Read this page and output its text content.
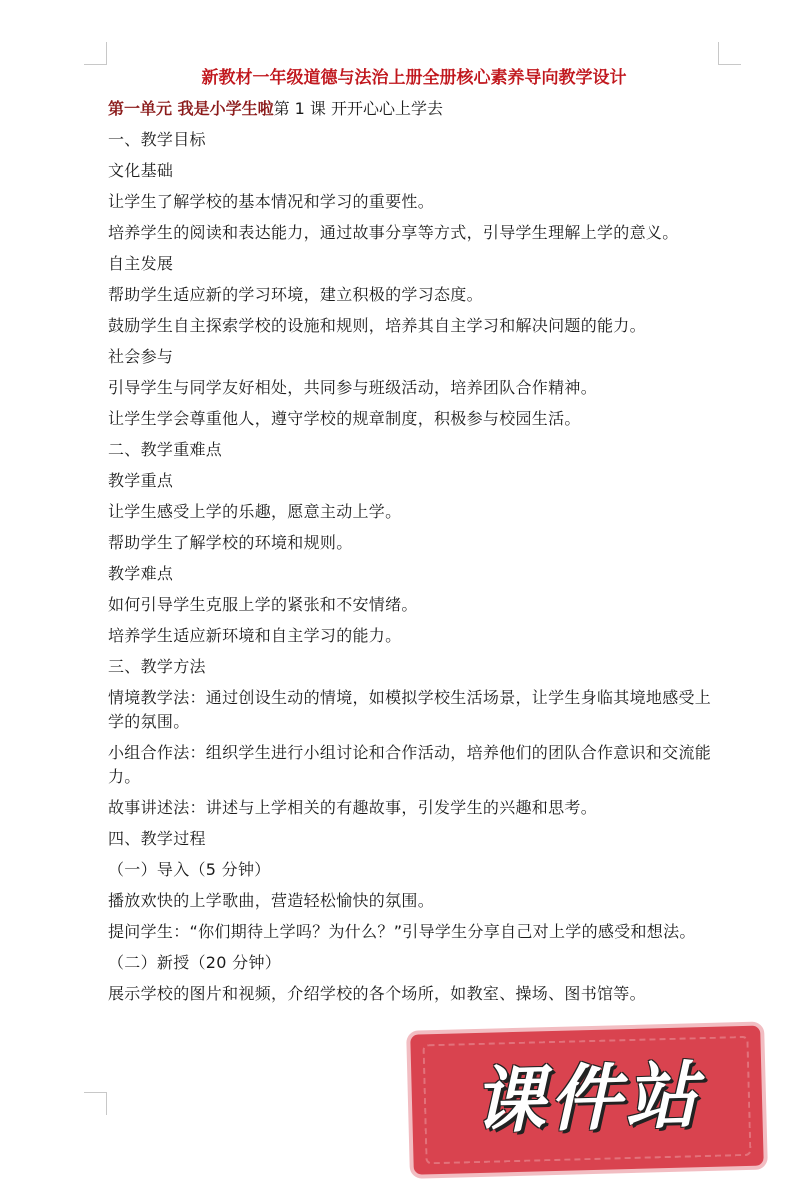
新教材一年级道德与法治上册全册核心素养导向教学设计
第一单元 我是小学生啦第 1 课 开开心心上学去
一、教学目标
文化基础
让学生了解学校的基本情况和学习的重要性。
培养学生的阅读和表达能力，通过故事分享等方式，引导学生理解上学的意义。
自主发展
帮助学生适应新的学习环境，建立积极的学习态度。
鼓励学生自主探索学校的设施和规则，培养其自主学习和解决问题的能力。
社会参与
引导学生与同学友好相处，共同参与班级活动，培养团队合作精神。
让学生学会尊重他人，遵守学校的规章制度，积极参与校园生活。
二、教学重难点
教学重点
让学生感受上学的乐趣，愿意主动上学。
帮助学生了解学校的环境和规则。
教学难点
如何引导学生克服上学的紧张和不安情绪。
培养学生适应新环境和自主学习的能力。
三、教学方法
情境教学法：通过创设生动的情境，如模拟学校生活场景，让学生身临其境地感受上学的氛围。
小组合作法：组织学生进行小组讨论和合作活动，培养他们的团队合作意识和交流能力。
故事讲述法：讲述与上学相关的有趣故事，引发学生的兴趣和思考。
四、教学过程
（一）导入（5 分钟）
播放欢快的上学歌曲，营造轻松愉快的氛围。
提问学生：“你们期待上学吗？为什么？”引导学生分享自己对上学的感受和想法。
（二）新授（20 分钟）
展示学校的图片和视频，介绍学校的各个场所，如教室、操场、图书馆等。
课件站
